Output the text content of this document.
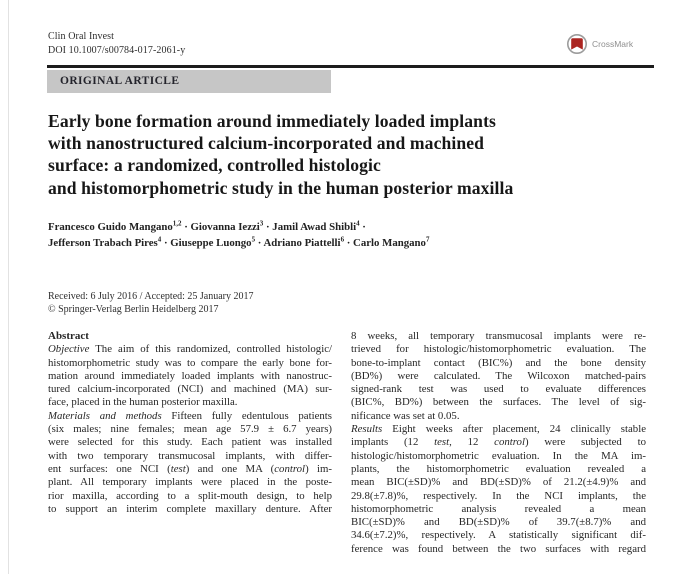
Clin Oral Invest
DOI 10.1007/s00784-017-2061-y
CrossMark
ORIGINAL ARTICLE
Early bone formation around immediately loaded implants
with nanostructured calcium-incorporated and machined
surface: a randomized, controlled histologic
and histomorphometric study in the human posterior maxilla
Francesco Guido Mangano$^{1,2}$ · Giovanna Iezzi$^3$ · Jamil Awad Shibli$^4$ ·
Jefferson Trabach Pires$^4$ · Giuseppe Luongo$^5$ · Adriano Piattelli$^6$ · Carlo Mangano$^7$
Received: 6 July 2016 / Accepted: 25 January 2017
© Springer-Verlag Berlin Heidelberg 2017
Abstract
Objective The aim of this randomized, controlled histologic/
histomorphometric study was to compare the early bone for-
mation around immediately loaded implants with nanostruc-
tured calcium-incorporated (NCI) and machined (MA) sur-
face, placed in the human posterior maxilla.
Materials and methods Fifteen fully edentulous patients
(six males; nine females; mean age 57.9 ± 6.7 years)
were selected for this study. Each patient was installed
with two temporary transmucosal implants, with differ-
ent surfaces: one NCI (test) and one MA (control) im-
plant. All temporary implants were placed in the poste-
rior maxilla, according to a split-mouth design, to help
to support an interim complete maxillary denture. After
8 weeks, all temporary transmucosal implants were re-
trieved for histologic/histomorphometric evaluation. The
bone-to-implant contact (BIC%) and the bone density
(BD%) were calculated. The Wilcoxon matched-pairs
signed-rank test was used to evaluate differences
(BIC%, BD%) between the surfaces. The level of sig-
nificance was set at 0.05.
Results Eight weeks after placement, 24 clinically stable
implants (12 test, 12 control) were subjected to
histologic/histomorphometric evaluation. In the MA im-
plants, the histomorphometric evaluation revealed a
mean BIC(±SD)% and BD(±SD)% of 21.2(±4.9)% and
29.8(±7.8)%, respectively. In the NCI implants, the
histomorphometric analysis revealed a mean
BIC(±SD)% and BD(±SD)% of 39.7(±8.7)% and
34.6(±7.2)%, respectively. A statistically significant dif-
ference was found between the two surfaces with regard
